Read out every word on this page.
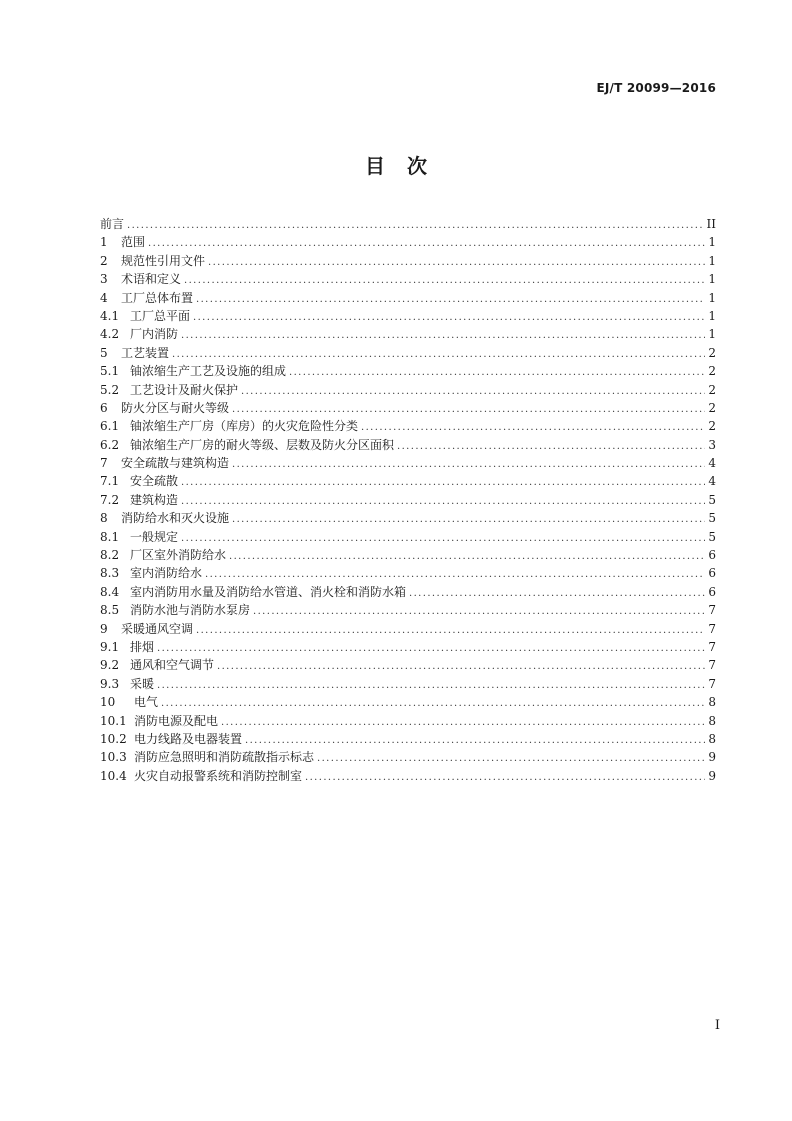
EJ/T 20099—2016
目次
前言 .....	II
1	范围 .....	1
2	规范性引用文件 .....	1
3	术语和定义 .....	1
4	工厂总体布置 .....	1
4.1 工厂总平面 .....	1
4.2 厂内消防 .....	1
5	工艺装置 .....	2
5.1 铀浓缩生产工艺及设施的组成 .....	2
5.2 工艺设计及耐火保护 .....	2
6	防火分区与耐火等级 .....	2
6.1 铀浓缩生产厂房（库房）的火灾危险性分类 .....	2
6.2 铀浓缩生产厂房的耐火等级、层数及防火分区面积 .....	3
7	安全疏散与建筑构造 .....	4
7.1 安全疏散 .....	4
7.2 建筑构造 .....	5
8	消防给水和灭火设施 .....	5
8.1 一般规定 .....	5
8.2 厂区室外消防给水 .....	6
8.3 室内消防给水 .....	6
8.4 室内消防用水量及消防给水管道、消火栓和消防水箱 .....	6
8.5 消防水池与消防水泵房 .....	7
9	采暖通风空调 .....	7
9.1 排烟 .....	7
9.2 通风和空气调节 .....	7
9.3 采暖 .....	7
10	电气 .....	8
10.1 消防电源及配电 .....	8
10.2 电力线路及电器装置 .....	8
10.3 消防应急照明和消防疏散指示标志 .....	9
10.4 火灾自动报警系统和消防控制室 .....	9
I
